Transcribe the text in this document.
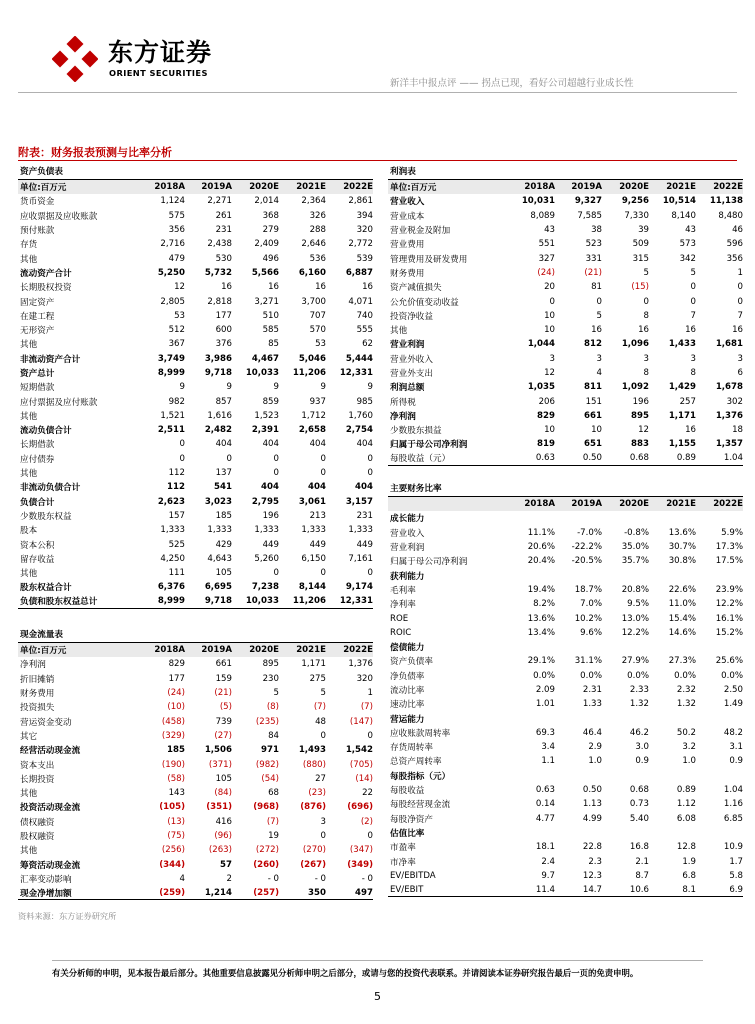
东方证券
ORIENT SECURITIES
新洋丰中报点评 —— 拐点已现，看好公司超越行业成长性
附表：财务报表预测与比率分析
资产负债表
单位:百万元	2018A	2019A	2020E	2021E	2022E
货币资金	1,124	2,271	2,014	2,364	2,861
应收票据及应收账款	575	261	368	326	394
预付账款	356	231	279	288	320
存货	2,716	2,438	2,409	2,646	2,772
其他	479	530	496	536	539
流动资产合计	5,250	5,732	5,566	6,160	6,887
长期股权投资	12	16	16	16	16
固定资产	2,805	2,818	3,271	3,700	4,071
在建工程	53	177	510	707	740
无形资产	512	600	585	570	555
其他	367	376	85	53	62
非流动资产合计	3,749	3,986	4,467	5,046	5,444
资产总计	8,999	9,718	10,033	11,206	12,331
短期借款	9	9	9	9	9
应付票据及应付账款	982	857	859	937	985
其他	1,521	1,616	1,523	1,712	1,760
流动负债合计	2,511	2,482	2,391	2,658	2,754
长期借款	0	404	404	404	404
应付债券	0	0	0	0	0
其他	112	137	0	0	0
非流动负债合计	112	541	404	404	404
负债合计	2,623	3,023	2,795	3,061	3,157
少数股东权益	157	185	196	213	231
股本	1,333	1,333	1,333	1,333	1,333
资本公积	525	429	449	449	449
留存收益	4,250	4,643	5,260	6,150	7,161
其他	111	105	0	0	0
股东权益合计	6,376	6,695	7,238	8,144	9,174
负债和股东权益总计	8,999	9,718	10,033	11,206	12,331
现金流量表
单位:百万元	2018A	2019A	2020E	2021E	2022E
净利润	829	661	895	1,171	1,376
折旧摊销	177	159	230	275	320
财务费用	(24)	(21)	5	5	1
投资损失	(10)	(5)	(8)	(7)	(7)
营运资金变动	(458)	739	(235)	48	(147)
其它	(329)	(27)	84	0	0
经营活动现金流	185	1,506	971	1,493	1,542
资本支出	(190)	(371)	(982)	(880)	(705)
长期投资	(58)	105	(54)	27	(14)
其他	143	(84)	68	(23)	22
投资活动现金流	(105)	(351)	(968)	(876)	(696)
债权融资	(13)	416	(7)	3	(2)
股权融资	(75)	(96)	19	0	0
其他	(256)	(263)	(272)	(270)	(347)
筹资活动现金流	(344)	57	(260)	(267)	(349)
汇率变动影响	4	2	- 0	- 0	- 0
现金净增加额	(259)	1,214	(257)	350	497
利润表
单位:百万元	2018A	2019A	2020E	2021E	2022E
营业收入	10,031	9,327	9,256	10,514	11,138
营业成本	8,089	7,585	7,330	8,140	8,480
营业税金及附加	43	38	39	43	46
营业费用	551	523	509	573	596
管理费用及研发费用	327	331	315	342	356
财务费用	(24)	(21)	5	5	1
资产减值损失	20	81	(15)	0	0
公允价值变动收益	0	0	0	0	0
投资净收益	10	5	8	7	7
其他	10	16	16	16	16
营业利润	1,044	812	1,096	1,433	1,681
营业外收入	3	3	3	3	3
营业外支出	12	4	8	8	6
利润总额	1,035	811	1,092	1,429	1,678
所得税	206	151	196	257	302
净利润	829	661	895	1,171	1,376
少数股东损益	10	10	12	16	18
归属于母公司净利润	819	651	883	1,155	1,357
每股收益（元）	0.63	0.50	0.68	0.89	1.04
主要财务比率
2018A	2019A	2020E	2021E	2022E
成长能力
营业收入	11.1%	-7.0%	-0.8%	13.6%	5.9%
营业利润	20.6%	-22.2%	35.0%	30.7%	17.3%
归属于母公司净利润	20.4%	-20.5%	35.7%	30.8%	17.5%
获利能力
毛利率	19.4%	18.7%	20.8%	22.6%	23.9%
净利率	8.2%	7.0%	9.5%	11.0%	12.2%
ROE	13.6%	10.2%	13.0%	15.4%	16.1%
ROIC	13.4%	9.6%	12.2%	14.6%	15.2%
偿债能力
资产负债率	29.1%	31.1%	27.9%	27.3%	25.6%
净负债率	0.0%	0.0%	0.0%	0.0%	0.0%
流动比率	2.09	2.31	2.33	2.32	2.50
速动比率	1.01	1.33	1.32	1.32	1.49
营运能力
应收账款周转率	69.3	46.4	46.2	50.2	48.2
存货周转率	3.4	2.9	3.0	3.2	3.1
总资产周转率	1.1	1.0	0.9	1.0	0.9
每股指标（元）
每股收益	0.63	0.50	0.68	0.89	1.04
每股经营现金流	0.14	1.13	0.73	1.12	1.16
每股净资产	4.77	4.99	5.40	6.08	6.85
估值比率
市盈率	18.1	22.8	16.8	12.8	10.9
市净率	2.4	2.3	2.1	1.9	1.7
EV/EBITDA	9.7	12.3	8.7	6.8	5.8
EV/EBIT	11.4	14.7	10.6	8.1	6.9
资料来源：东方证券研究所
有关分析师的申明，见本报告最后部分。其他重要信息披露见分析师申明之后部分，或请与您的投资代表联系。并请阅读本证券研究报告最后一页的免责申明。
5
